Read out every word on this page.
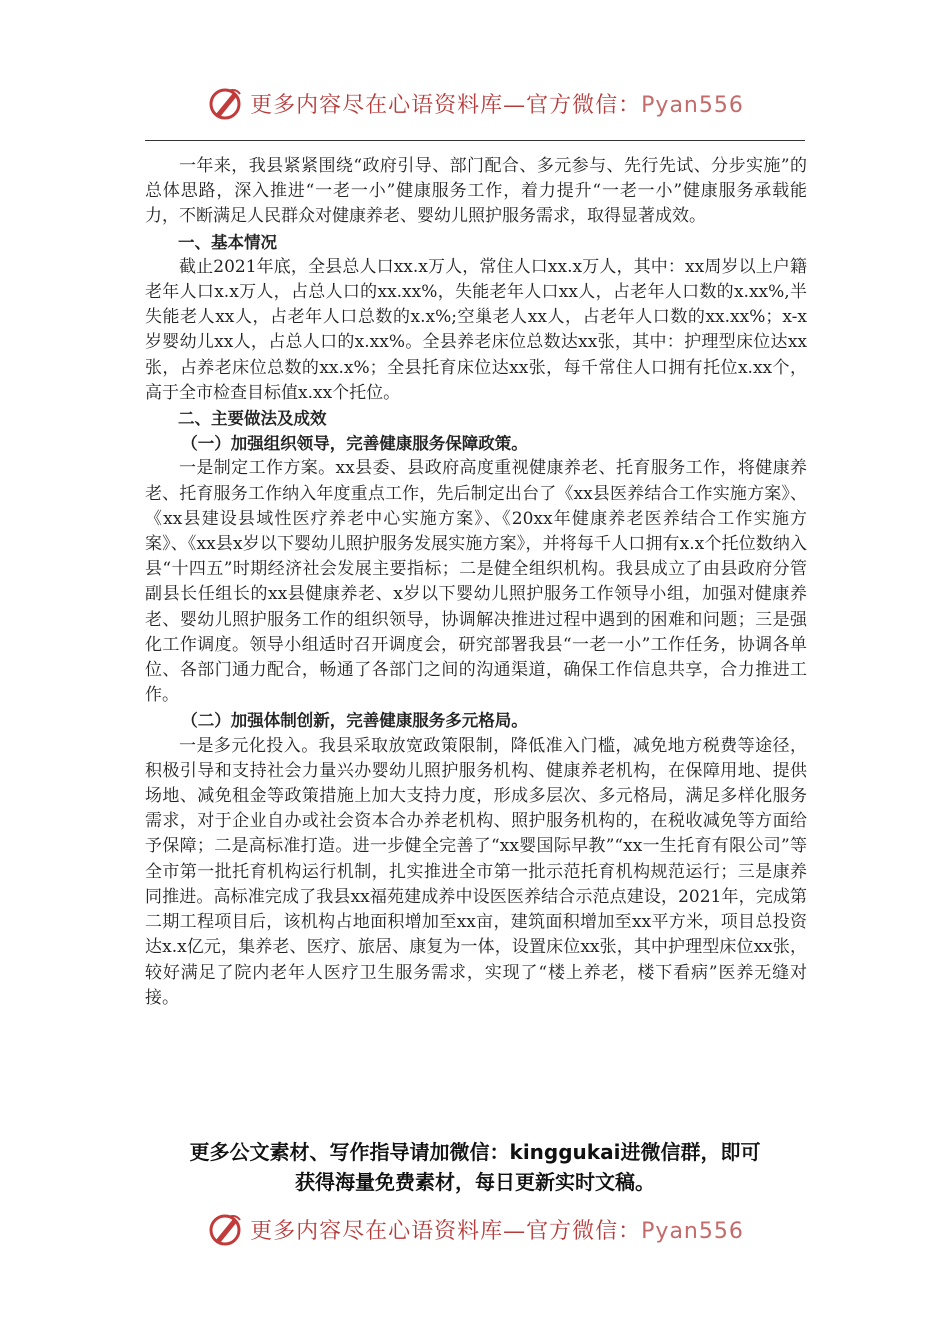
更多内容尽在心语资料库—官方微信：Pyan556

一年来，我县紧紧围绕“政府引导、部门配合、多元参与、先行先试、分步实施”的总体思路，深入推进“一老一小”健康服务工作，着力提升“一老一小”健康服务承载能力，不断满足人民群众对健康养老、婴幼儿照护服务需求，取得显著成效。

一、基本情况

截止2021年底，全县总人口xx.x万人，常住人口xx.x万人，其中：xx周岁以上户籍老年人口x.x万人，占总人口的xx.xx%，失能老年人口xx人，占老年人口数的x.xx%,半失能老人xx人，占老年人口总数的x.x%;空巢老人xx人，占老年人口数的xx.xx%；x-x岁婴幼儿xx人，占总人口的x.xx%。全县养老床位总数达xx张，其中：护理型床位达xx张，占养老床位总数的xx.x%；全县托育床位达xx张，每千常住人口拥有托位x.xx个，高于全市检查目标值x.xx个托位。

二、主要做法及成效

（一）加强组织领导，完善健康服务保障政策。

一是制定工作方案。xx县委、县政府高度重视健康养老、托育服务工作，将健康养老、托育服务工作纳入年度重点工作，先后制定出台了《xx县医养结合工作实施方案》、《xx县建设县域性医疗养老中心实施方案》、《20xx年健康养老医养结合工作实施方案》、《xx县x岁以下婴幼儿照护服务发展实施方案》，并将每千人口拥有x.x个托位数纳入县“十四五”时期经济社会发展主要指标；二是健全组织机构。我县成立了由县政府分管副县长任组长的xx县健康养老、x岁以下婴幼儿照护服务工作领导小组，加强对健康养老、婴幼儿照护服务工作的组织领导，协调解决推进过程中遇到的困难和问题；三是强化工作调度。领导小组适时召开调度会，研究部署我县“一老一小”工作任务，协调各单位、各部门通力配合，畅通了各部门之间的沟通渠道，确保工作信息共享，合力推进工作。

（二）加强体制创新，完善健康服务多元格局。

一是多元化投入。我县采取放宽政策限制，降低准入门槛，减免地方税费等途径，积极引导和支持社会力量兴办婴幼儿照护服务机构、健康养老机构，在保障用地、提供场地、减免租金等政策措施上加大支持力度，形成多层次、多元格局，满足多样化服务需求，对于企业自办或社会资本合办养老机构、照护服务机构的，在税收减免等方面给予保障；二是高标准打造。进一步健全完善了“xx婴国际早教”“xx一生托育有限公司”等全市第一批托育机构运行机制，扎实推进全市第一批示范托育机构规范运行；三是康养同推进。高标准完成了我县xx福苑建成养中设医医养结合示范点建设，2021年，完成第二期工程项目后，该机构占地面积增加至xx亩，建筑面积增加至xx平方米，项目总投资达x.x亿元，集养老、医疗、旅居、康复为一体，设置床位xx张，其中护理型床位xx张，较好满足了院内老年人医疗卫生服务需求，实现了“楼上养老，楼下看病”医养无缝对接。

更多公文素材、写作指导请加微信：kinggukai进微信群，即可
获得海量免费素材，每日更新实时文稿。
更多内容尽在心语资料库—官方微信：Pyan556
